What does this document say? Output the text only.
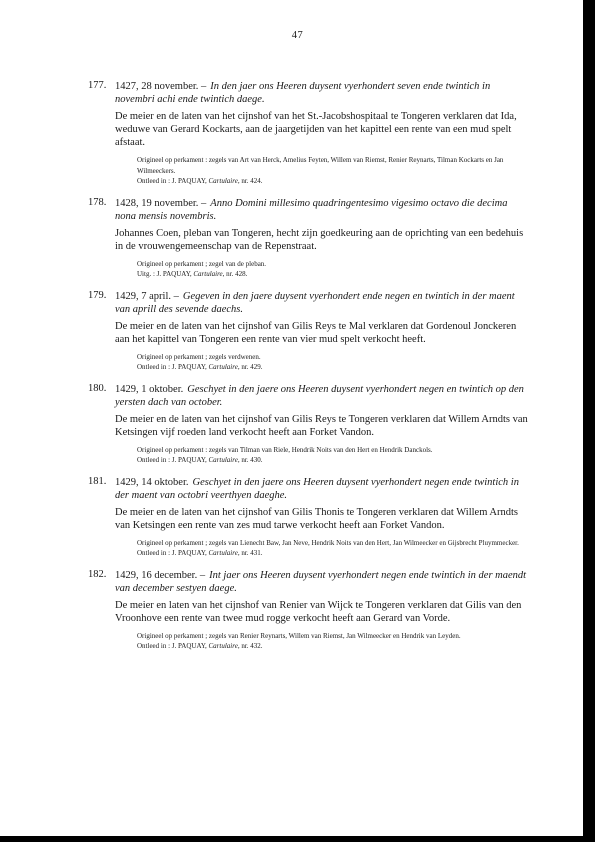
47
177. 1427, 28 november. – In den jaer ons Heeren duysent vyerhondert seven ende twintich in novembri achi ende twintich daege.
De meier en de laten van het cijnshof van het St.-Jacobshospitaal te Tongeren verklaren dat Ida, weduwe van Gerard Kockarts, aan de jaargetijden van het kapittel een rente van een mud spelt afstaat.
Origineel op perkament : zegels van Art van Herck, Amelius Feyten, Willem van Riemst, Renier Reynarts, Tilman Kockarts en Jan Wilmeeckers.
Ontleed in : J. PAQUAY, Cartulaire, nr. 424.
178. 1428, 19 november. – Anno Domini millesimo quadringentesimo vigesimo octavo die decima nona mensis novembris.
Johannes Coen, pleban van Tongeren, hecht zijn goedkeuring aan de oprichting van een bedehuis in de vrouwengemeenschap van de Repenstraat.
Origineel op perkament ; zegel van de pleban.
Uitg. : J. PAQUAY, Cartulaire, nr. 428.
179. 1429, 7 april. – Gegeven in den jaere duysent vyerhondert ende negen en twintich in der maent van aprill des sevende daechs.
De meier en de laten van het cijnshof van Gilis Reys te Mal verklaren dat Gordenoul Jonckeren aan het kapittel van Tongeren een rente van vier mud spelt verkocht heeft.
Origineel op perkament ; zegels verdwenen.
Ontleed in : J. PAQUAY, Cartulaire, nr. 429.
180. 1429, 1 oktober. Geschyet in den jaere ons Heeren duysent vyerhondert negen en twintich op den yersten dach van october.
De meier en de laten van het cijnshof van Gilis Reys te Tongeren verklaren dat Willem Arndts van Ketsingen vijf roeden land verkocht heeft aan Forket Vandon.
Origineel op perkament : zegels van Tilman van Riele, Hendrik Noits van den Hert en Hendrik Danckols.
Ontleed in : J. PAQUAY, Cartulaire, nr. 430.
181. 1429, 14 oktober. Geschyet in den jaere ons Heeren duysent vyerhondert negen ende twintich in der maent van octobri veerthyen daeghe.
De meier en de laten van het cijnshof van Gilis Thonis te Tongeren verklaren dat Willem Arndts van Ketsingen een rente van zes mud tarwe verkocht heeft aan Forket Vandon.
Origineel op perkament ; zegels van Lienecht Baw, Jan Neve, Hendrik Noits van den Hert, Jan Wilmeecker en Gijsbrecht Pluymmecker.
Ontleed in : J. PAQUAY, Cartulaire, nr. 431.
182. 1429, 16 december. – Int jaer ons Heeren duysent vyerhondert negen ende twintich in der maendt van december sestyen daege.
De meier en laten van het cijnshof van Renier van Wijck te Tongeren verklaren dat Gilis van den Vroonhove een rente van twee mud rogge verkocht heeft aan Gerard van Vorde.
Origineel op perkament ; zegels van Renier Reynarts, Willem van Riemst, Jan Wilmeecker en Hendrik van Leyden.
Ontleed in : J. PAQUAY, Cartulaire, nr. 432.
